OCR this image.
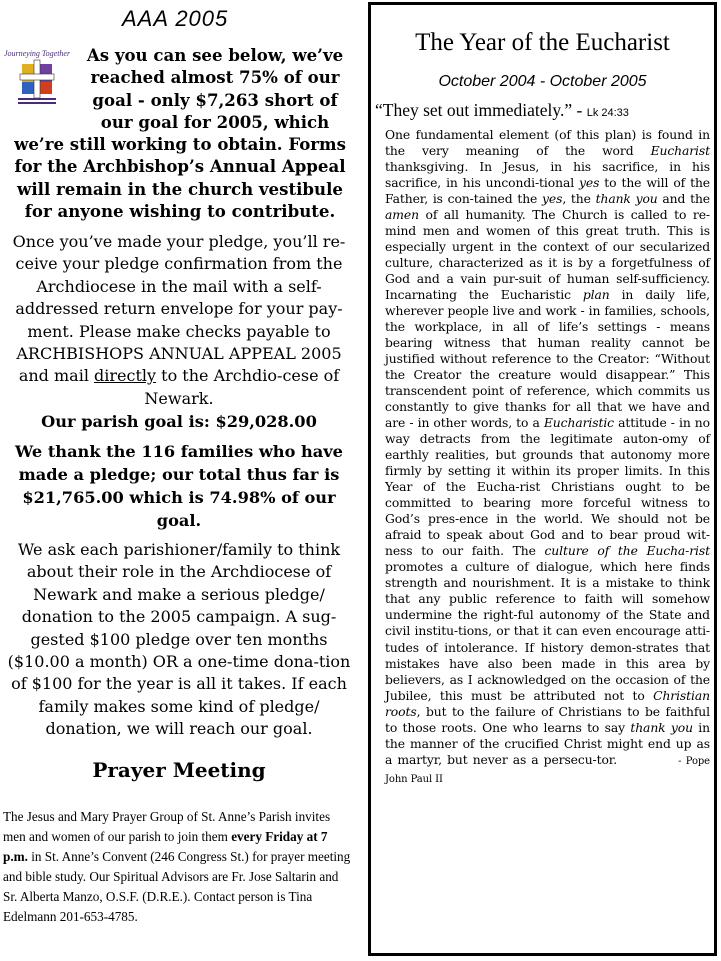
AAA 2005
Journeying Together	As you can see below, we’ve reached almost 75% of our goal - only $7,263 short of our goal for 2005, which we’re still working to obtain. Forms for the Archbishop’s Annual Appeal will remain in the church vestibule for anyone wishing to contribute.

Once you’ve made your pledge, you’ll re-ceive your pledge confirmation from the Archdiocese in the mail with a self-addressed return envelope for your pay-ment. Please make checks payable to ARCHBISHOPS ANNUAL APPEAL 2005 and mail directly to the Archdio-cese of Newark.

Our parish goal is: $29,028.00

We thank the 116 families who have made a pledge; our total thus far is $21,765.00 which is 74.98% of our goal.

We ask each parishioner/family to think about their role in the Archdiocese of Newark and make a serious pledge/ donation to the 2005 campaign. A sug-gested $100 pledge over ten months ($10.00 a month) OR a one-time dona-tion of $100 for the year is all it takes. If each family makes some kind of pledge/ donation, we will reach our goal.

Prayer Meeting

The Jesus and Mary Prayer Group of St. Anne’s Parish invites men and women of our parish to join them every Friday at 7 p.m. in St. Anne’s Convent (246 Congress St.) for prayer meeting and bible study. Our Spiritual Advisors are Fr. Jose Saltarin and Sr. Alberta Manzo, O.S.F. (D.R.E.). Contact person is Tina Edelmann 201-653-4785.

The Year of the Eucharist

October 2004 - October 2005

“They set out immediately.” - Lk 24:33

One fundamental element (of this plan) is found in the very meaning of the word Eucharist thanksgiving. In Jesus, in his sacrifice, in his sacrifice, in his uncondi-tional yes to the will of the Father, is con-tained the yes, the thank you and the amen of all humanity. The Church is called to re-mind men and women of this great truth. This is especially urgent in the context of our secularized culture, characterized as it is by a forgetfulness of God and a vain pur-suit of human self-sufficiency. Incarnating the Eucharistic plan in daily life, wherever people live and work - in families, schools, the workplace, in all of life’s settings - means bearing witness that human reality cannot be justified without reference to the Creator: “Without the Creator the creature would disappear.” This transcendent point of reference, which commits us constantly to give thanks for all that we have and are - in other words, to a Eucharistic attitude - in no way detracts from the legitimate auton-omy of earthly realities, but grounds that autonomy more firmly by setting it within its proper limits. In this Year of the Eucha-rist Christians ought to be committed to bearing more forceful witness to God’s pres-ence in the world. We should not be afraid to speak about God and to bear proud wit-ness to our faith. The culture of the Eucha-rist promotes a culture of dialogue, which here finds strength and nourishment. It is a mistake to think that any public reference to faith will somehow undermine the right-ful autonomy of the State and civil institu-tions, or that it can even encourage atti-tudes of intolerance. If history demon-strates that mistakes have also been made in this area by believers, as I acknowledged on the occasion of the Jubilee, this must be attributed not to Christian roots, but to the failure of Christians to be faithful to those roots. One who learns to say thank you in the manner of the crucified Christ might end up as a martyr, but never as a persecu-tor.	- Pope John Paul II
